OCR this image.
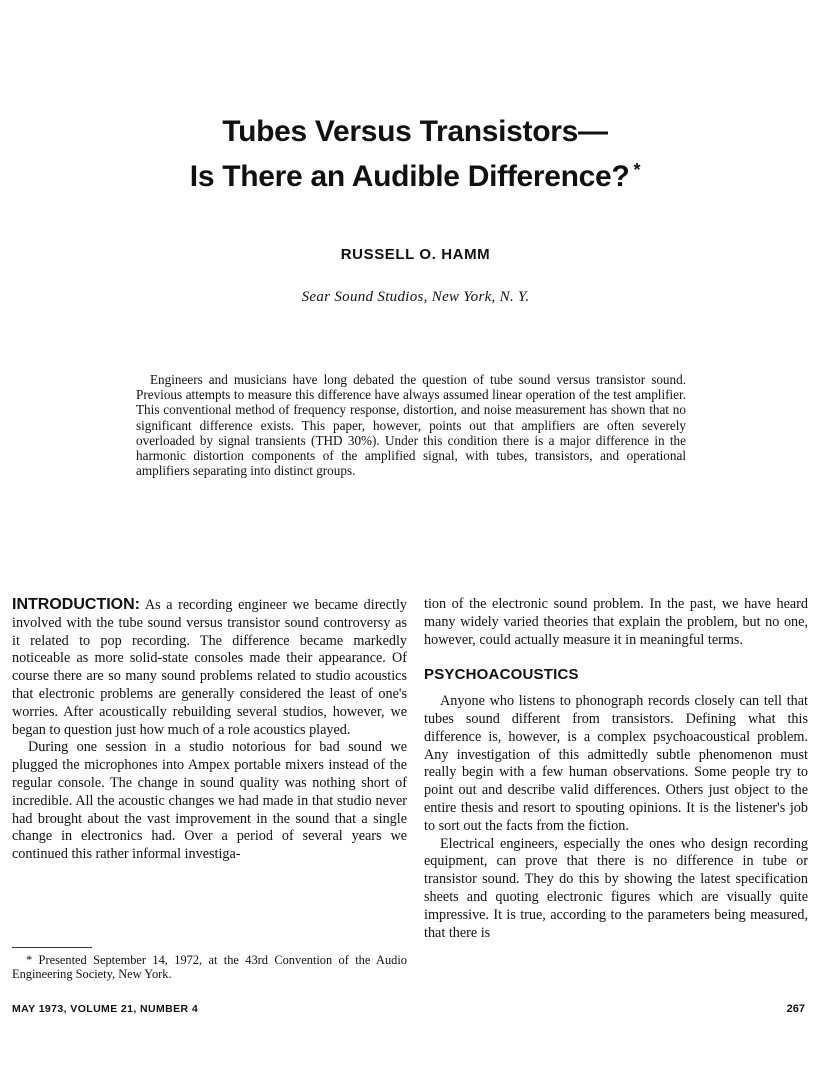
Tubes Versus Transistors—
Is There an Audible Difference? *
RUSSELL O. HAMM
Sear Sound Studios, New York, N. Y.

Engineers and musicians have long debated the question of tube sound versus transistor sound. Previous attempts to measure this difference have always assumed linear operation of the test amplifier. This conventional method of frequency response, distortion, and noise measurement has shown that no significant difference exists. This paper, however, points out that amplifiers are often severely overloaded by signal transients (THD 30%). Under this condition there is a major difference in the harmonic distortion components of the amplified signal, with tubes, transistors, and operational amplifiers separating into distinct groups.

INTRODUCTION: As a recording engineer we became directly involved with the tube sound versus transistor sound controversy as it related to pop recording. The difference became markedly noticeable as more solid-state consoles made their appearance. Of course there are so many sound problems related to studio acoustics that electronic problems are generally considered the least of one's worries. After acoustically rebuilding several studios, however, we began to question just how much of a role acoustics played.

During one session in a studio notorious for bad sound we plugged the microphones into Ampex portable mixers instead of the regular console. The change in sound quality was nothing short of incredible. All the acoustic changes we had made in that studio never had brought about the vast improvement in the sound that a single change in electronics had. Over a period of several years we continued this rather informal investiga-

tion of the electronic sound problem. In the past, we have heard many widely varied theories that explain the problem, but no one, however, could actually measure it in meaningful terms.

PSYCHOACOUSTICS

Anyone who listens to phonograph records closely can tell that tubes sound different from transistors. Defining what this difference is, however, is a complex psychoacoustical problem. Any investigation of this admittedly subtle phenomenon must really begin with a few human observations. Some people try to point out and describe valid differences. Others just object to the entire thesis and resort to spouting opinions. It is the listener's job to sort out the facts from the fiction.

Electrical engineers, especially the ones who design recording equipment, can prove that there is no difference in tube or transistor sound. They do this by showing the latest specification sheets and quoting electronic figures which are visually quite impressive. It is true, according to the parameters being measured, that there is

* Presented September 14, 1972, at the 43rd Convention of the Audio Engineering Society, New York.

MAY 1973, VOLUME 21, NUMBER 4	267
